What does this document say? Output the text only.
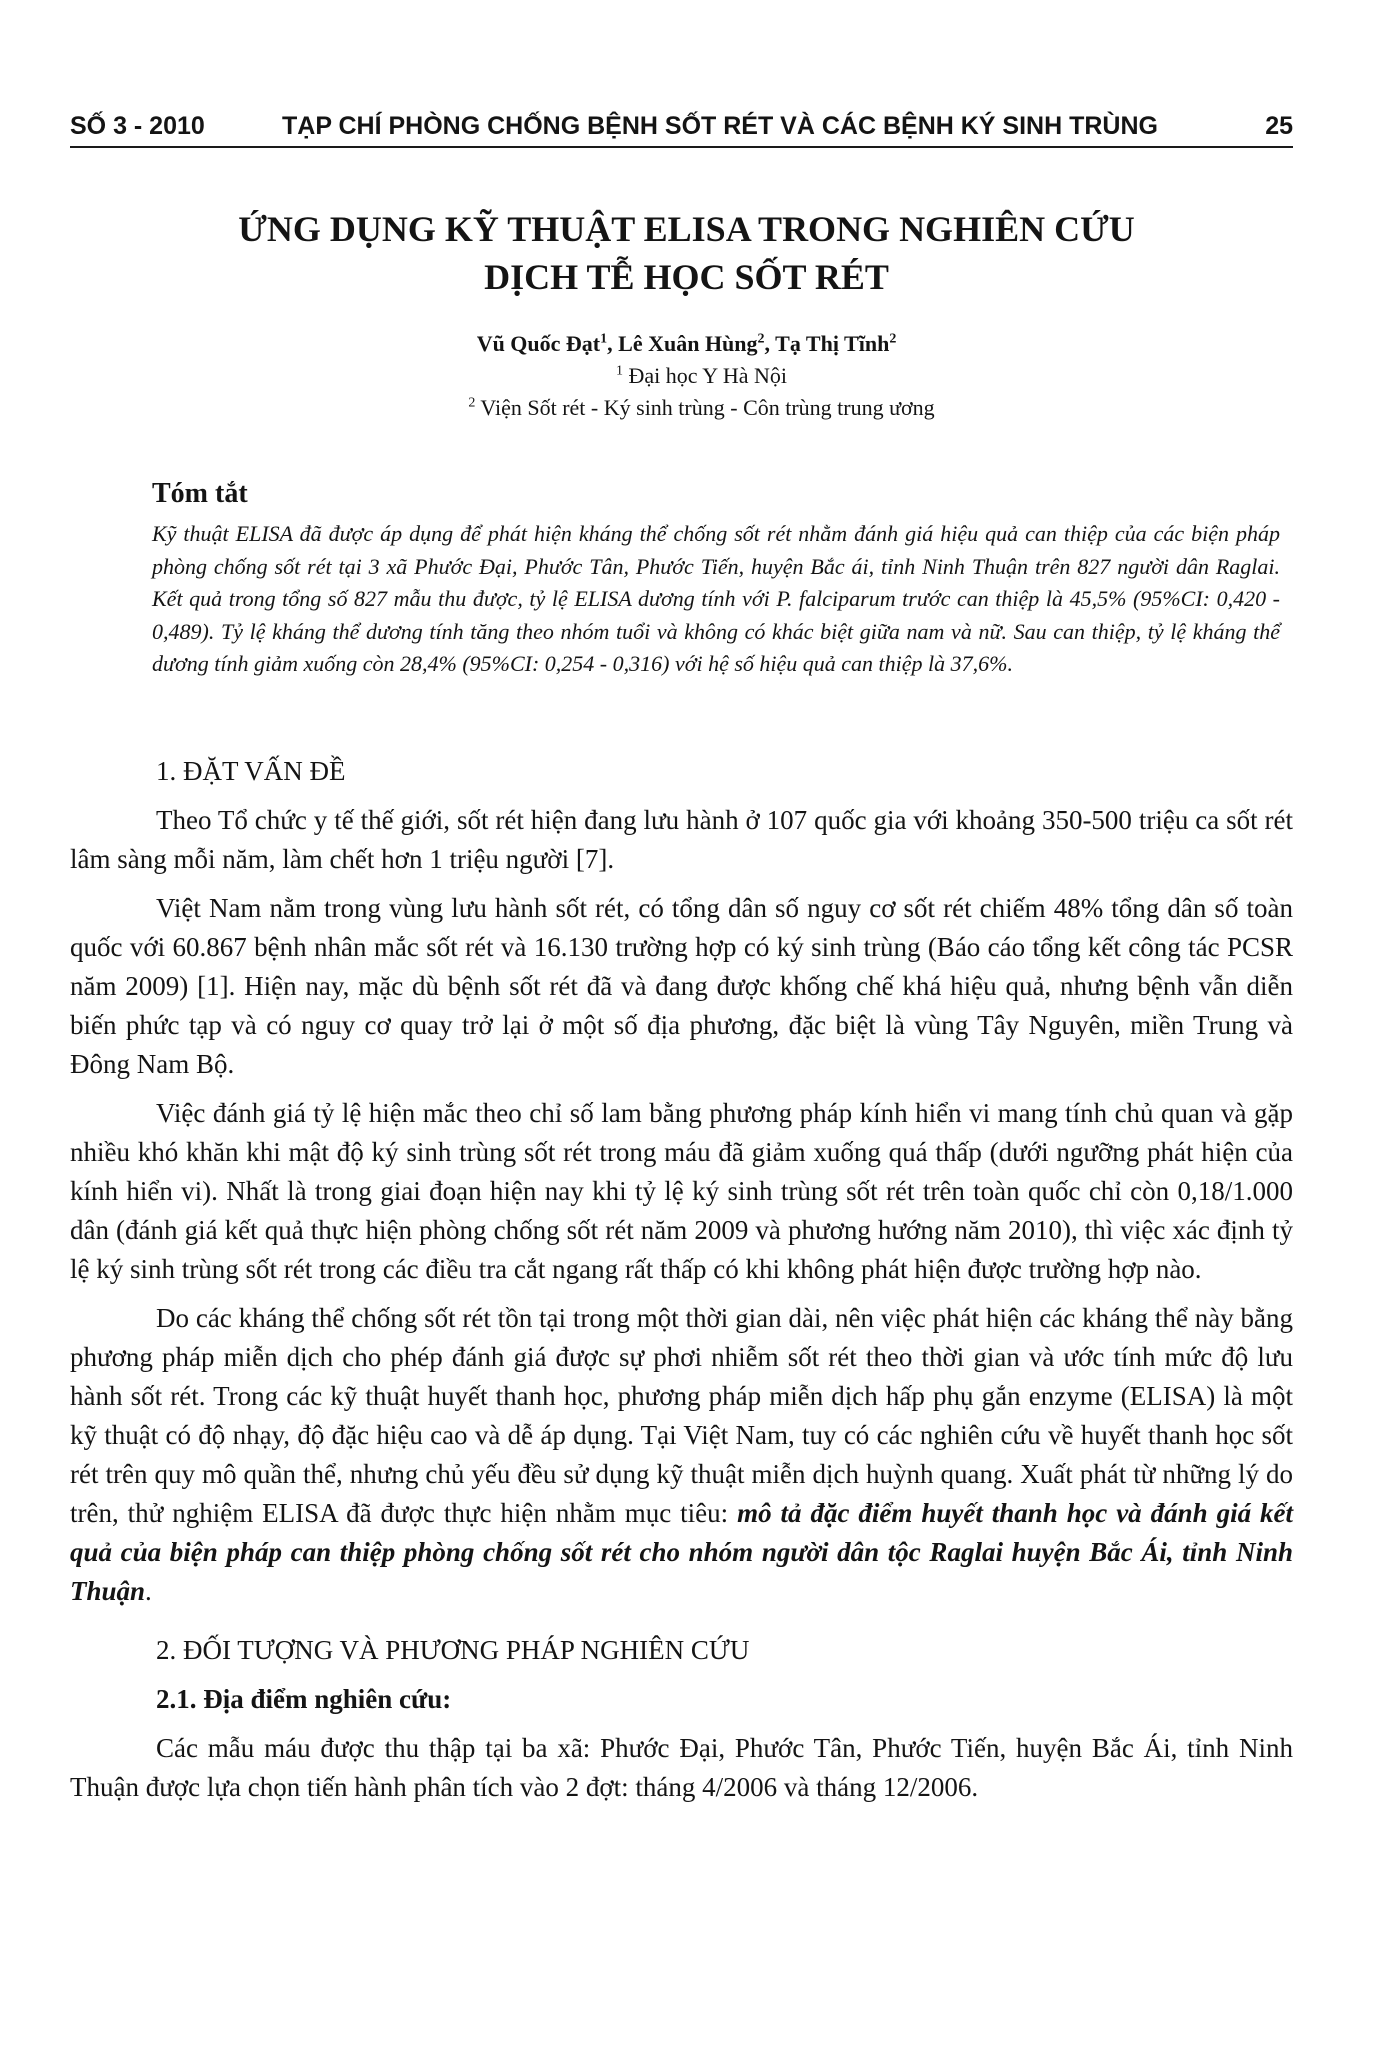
SỐ 3 - 2010	TẠP CHÍ PHÒNG CHỐNG BỆNH SỐT RÉT VÀ CÁC BỆNH KÝ SINH TRÙNG	25
ỨNG DỤNG KỸ THUẬT ELISA TRONG NGHIÊN CỨU
DỊCH TỄ HỌC SỐT RÉT
Vũ Quốc Đạt$^1$, Lê Xuân Hùng$^2$, Tạ Thị Tĩnh$^2$
$^1$ Đại học Y Hà Nội
$^2$ Viện Sốt rét - Ký sinh trùng - Côn trùng trung ương
Tóm tắt
Kỹ thuật ELISA đã được áp dụng để phát hiện kháng thể chống sốt rét nhằm đánh giá hiệu quả can thiệp của các biện pháp phòng chống sốt rét tại 3 xã Phước Đại, Phước Tân, Phước Tiến, huyện Bắc ái, tỉnh Ninh Thuận trên 827 người dân Raglai. Kết quả trong tổng số 827 mẫu thu được, tỷ lệ ELISA dương tính với P. falciparum trước can thiệp là 45,5% (95%CI: 0,420 - 0,489). Tỷ lệ kháng thể dương tính tăng theo nhóm tuổi và không có khác biệt giữa nam và nữ. Sau can thiệp, tỷ lệ kháng thể dương tính giảm xuống còn 28,4% (95%CI: 0,254 - 0,316) với hệ số hiệu quả can thiệp là 37,6%.
1. ĐẶT VẤN ĐỀ

Theo Tổ chức y tế thế giới, sốt rét hiện đang lưu hành ở 107 quốc gia với khoảng 350-500 triệu ca sốt rét lâm sàng mỗi năm, làm chết hơn 1 triệu người [7].

Việt Nam nằm trong vùng lưu hành sốt rét, có tổng dân số nguy cơ sốt rét chiếm 48% tổng dân số toàn quốc với 60.867 bệnh nhân mắc sốt rét và 16.130 trường hợp có ký sinh trùng (Báo cáo tổng kết công tác PCSR năm 2009) [1]. Hiện nay, mặc dù bệnh sốt rét đã và đang được khống chế khá hiệu quả, nhưng bệnh vẫn diễn biến phức tạp và có nguy cơ quay trở lại ở một số địa phương, đặc biệt là vùng Tây Nguyên, miền Trung và Đông Nam Bộ.

Việc đánh giá tỷ lệ hiện mắc theo chỉ số lam bằng phương pháp kính hiển vi mang tính chủ quan và gặp nhiều khó khăn khi mật độ ký sinh trùng sốt rét trong máu đã giảm xuống quá thấp (dưới ngưỡng phát hiện của kính hiển vi). Nhất là trong giai đoạn hiện nay khi tỷ lệ ký sinh trùng sốt rét trên toàn quốc chỉ còn 0,18/1.000 dân (đánh giá kết quả thực hiện phòng chống sốt rét năm 2009 và phương hướng năm 2010), thì việc xác định tỷ lệ ký sinh trùng sốt rét trong các điều tra cắt ngang rất thấp có khi không phát hiện được trường hợp nào.

Do các kháng thể chống sốt rét tồn tại trong một thời gian dài, nên việc phát hiện các kháng thể này bằng phương pháp miễn dịch cho phép đánh giá được sự phơi nhiễm sốt rét theo thời gian và ước tính mức độ lưu hành sốt rét. Trong các kỹ thuật huyết thanh học, phương pháp miễn dịch hấp phụ gắn enzyme (ELISA) là một kỹ thuật có độ nhạy, độ đặc hiệu cao và dễ áp dụng. Tại Việt Nam, tuy có các nghiên cứu về huyết thanh học sốt rét trên quy mô quần thể, nhưng chủ yếu đều sử dụng kỹ thuật miễn dịch huỳnh quang. Xuất phát từ những lý do trên, thử nghiệm ELISA đã được thực hiện nhằm mục tiêu: mô tả đặc điểm huyết thanh học và đánh giá kết quả của biện pháp can thiệp phòng chống sốt rét cho nhóm người dân tộc Raglai huyện Bắc Ái, tỉnh Ninh Thuận.

2. ĐỐI TƯỢNG VÀ PHƯƠNG PHÁP NGHIÊN CỨU
2.1. Địa điểm nghiên cứu:

Các mẫu máu được thu thập tại ba xã: Phước Đại, Phước Tân, Phước Tiến, huyện Bắc Ái, tỉnh Ninh Thuận được lựa chọn tiến hành phân tích vào 2 đợt: tháng 4/2006 và tháng 12/2006.
